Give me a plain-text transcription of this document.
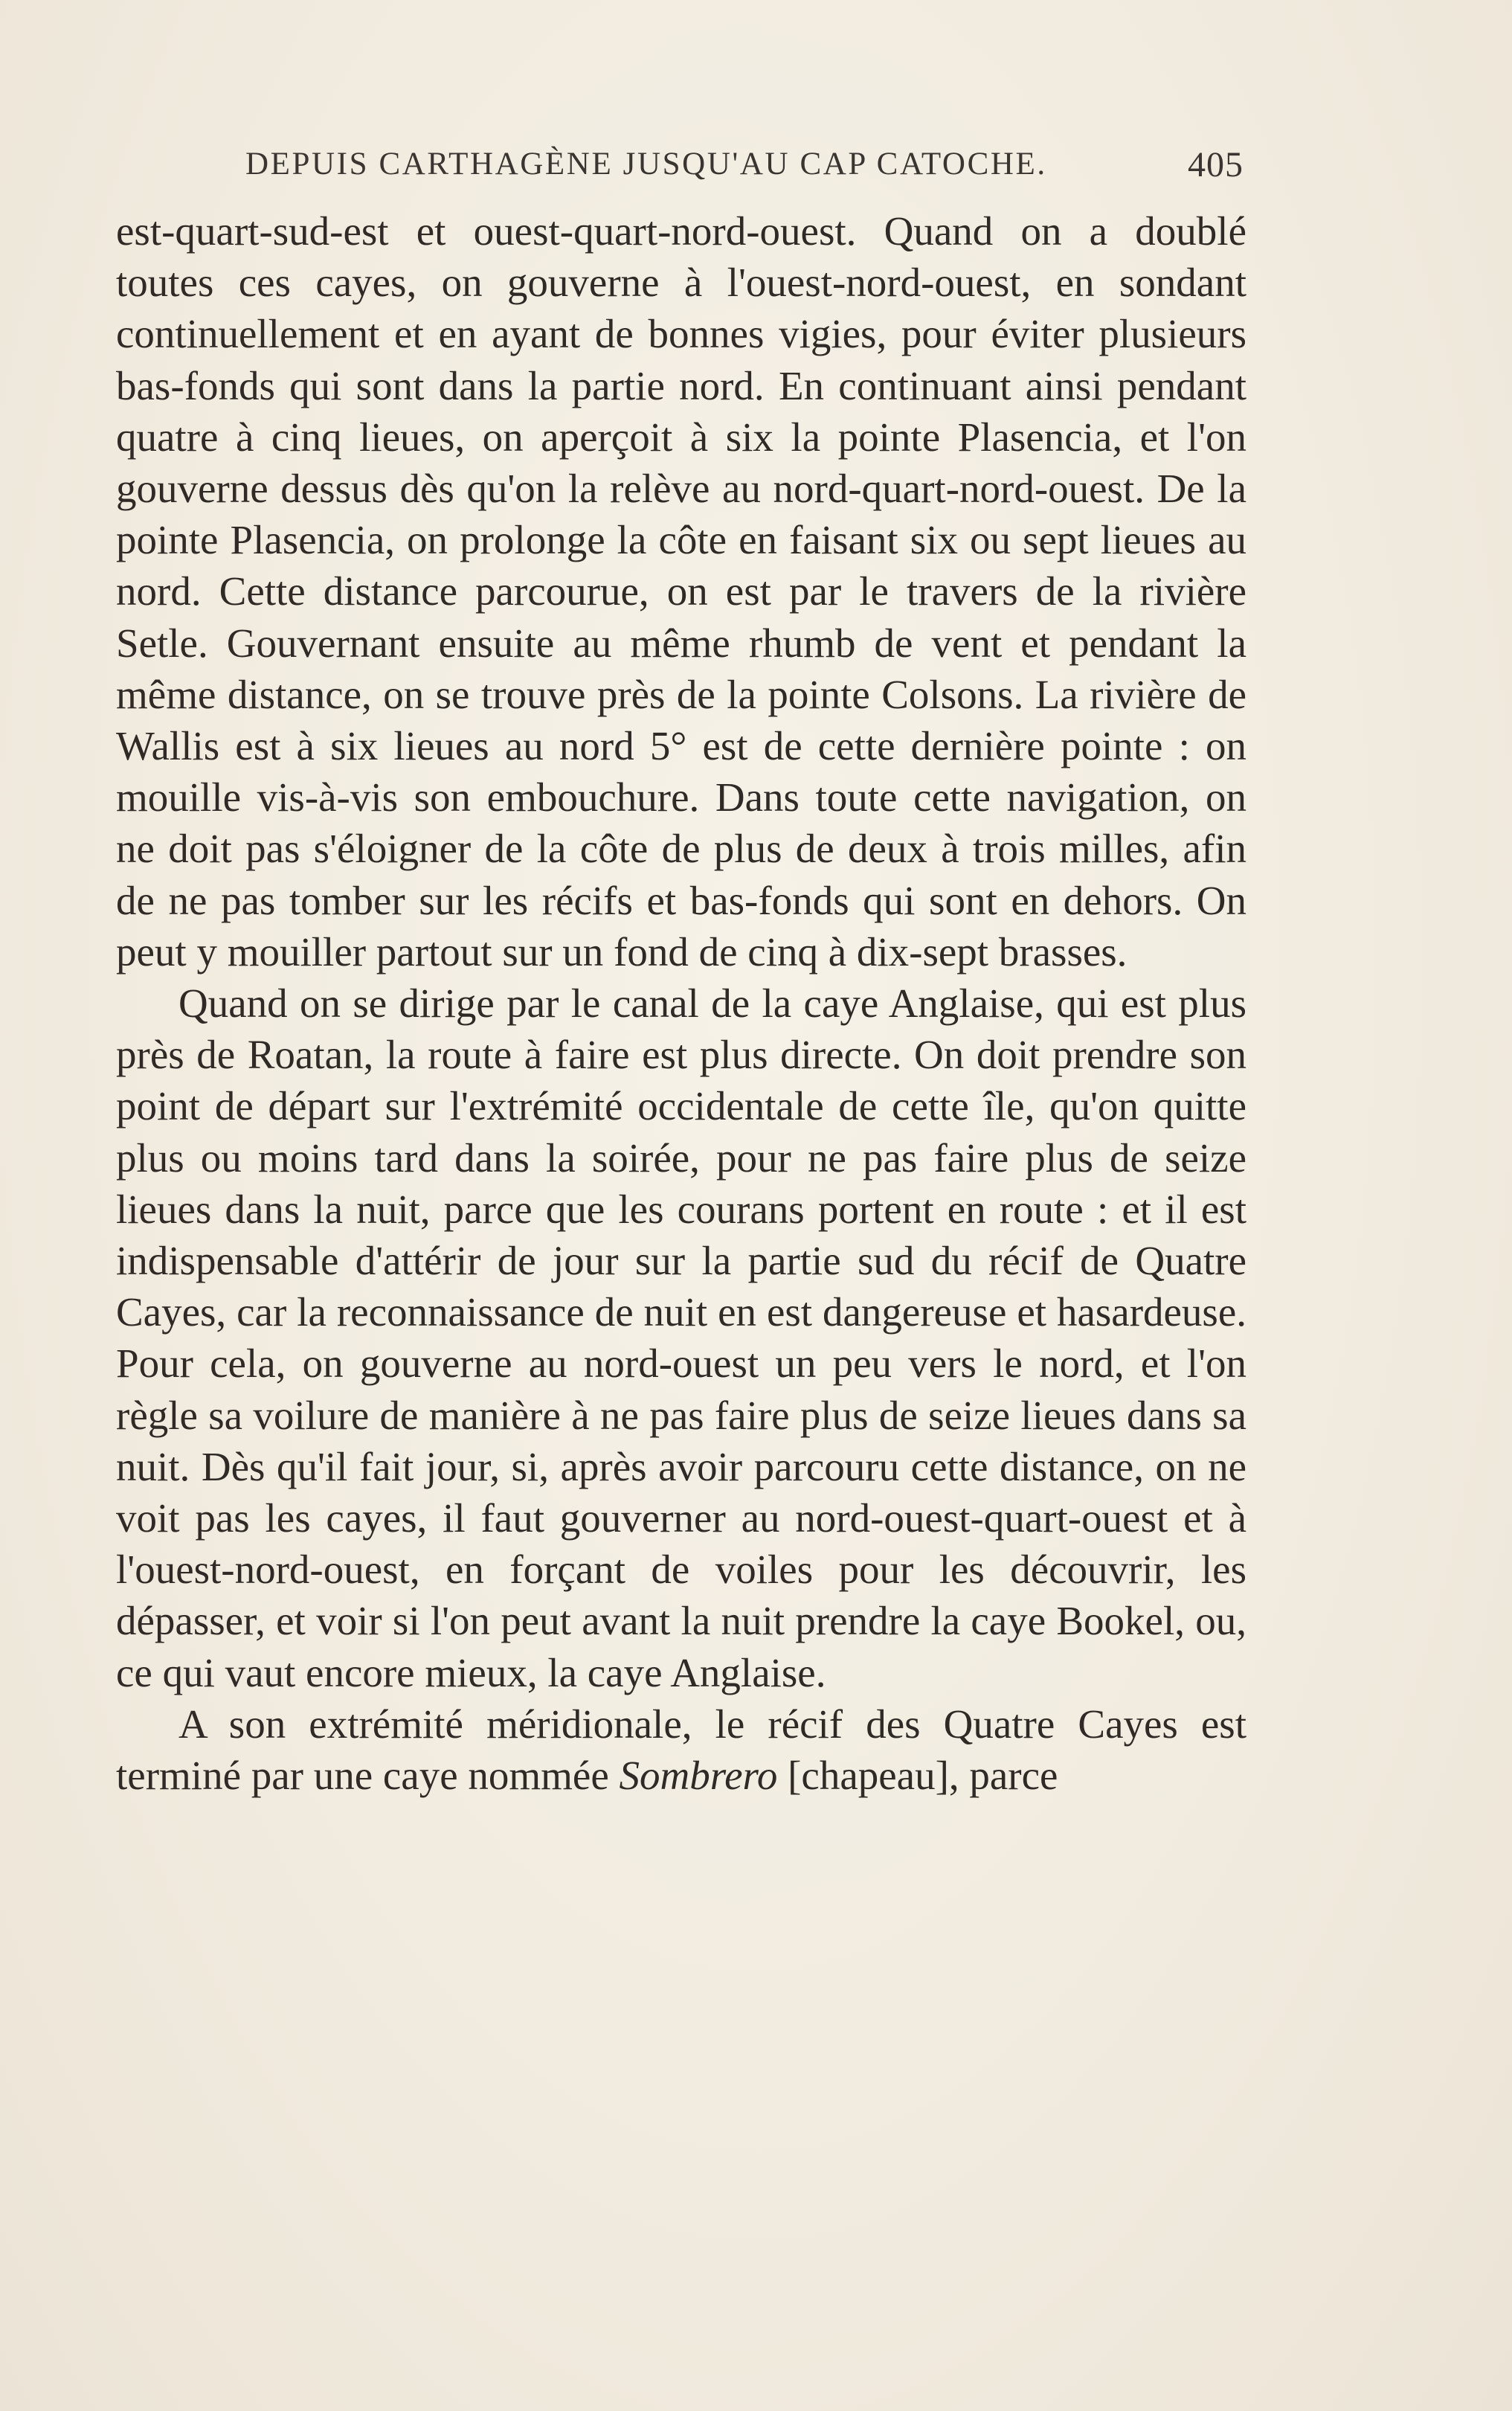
DEPUIS CARTHAGÈNE JUSQU'AU CAP CATOCHE.	405

est-quart-sud-est et ouest-quart-nord-ouest. Quand on a doublé toutes ces cayes, on gouverne à l'ouest-nord-ouest, en sondant continuellement et en ayant de bonnes vigies, pour éviter plusieurs bas-fonds qui sont dans la partie nord. En continuant ainsi pendant quatre à cinq lieues, on aperçoit à six la pointe Plasencia, et l'on gouverne dessus dès qu'on la relève au nord-quart-nord-ouest. De la pointe Plasencia, on prolonge la côte en faisant six ou sept lieues au nord. Cette distance parcourue, on est par le travers de la rivière Setle. Gouvernant ensuite au même rhumb de vent et pendant la même distance, on se trouve près de la pointe Colsons. La rivière de Wallis est à six lieues au nord 5° est de cette dernière pointe : on mouille vis-à-vis son embouchure. Dans toute cette navigation, on ne doit pas s'éloigner de la côte de plus de deux à trois milles, afin de ne pas tomber sur les récifs et bas-fonds qui sont en dehors. On peut y mouiller partout sur un fond de cinq à dix-sept brasses.

Quand on se dirige par le canal de la caye Anglaise, qui est plus près de Roatan, la route à faire est plus directe. On doit prendre son point de départ sur l'extrémité occidentale de cette île, qu'on quitte plus ou moins tard dans la soirée, pour ne pas faire plus de seize lieues dans la nuit, parce que les courans portent en route : et il est indispensable d'attérir de jour sur la partie sud du récif de Quatre Cayes, car la reconnaissance de nuit en est dangereuse et hasardeuse. Pour cela, on gouverne au nord-ouest un peu vers le nord, et l'on règle sa voilure de manière à ne pas faire plus de seize lieues dans sa nuit. Dès qu'il fait jour, si, après avoir parcouru cette distance, on ne voit pas les cayes, il faut gouverner au nord-ouest-quart-ouest et à l'ouest-nord-ouest, en forçant de voiles pour les découvrir, les dépasser, et voir si l'on peut avant la nuit prendre la caye Bookel, ou, ce qui vaut encore mieux, la caye Anglaise.

A son extrémité méridionale, le récif des Quatre Cayes est terminé par une caye nommée Sombrero [chapeau], parce
